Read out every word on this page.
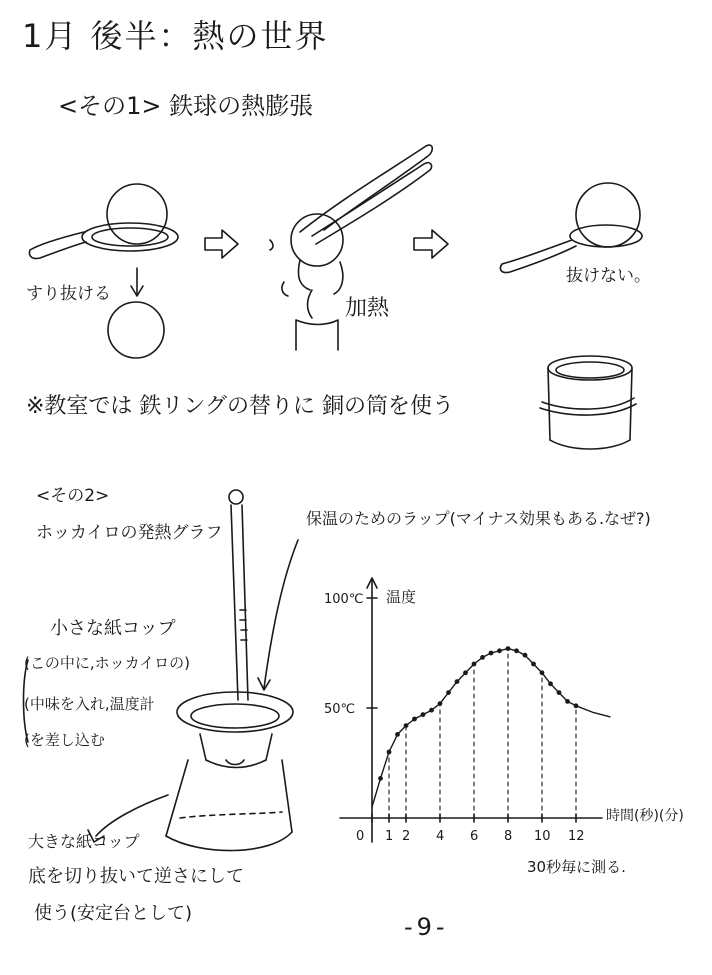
1月 後半：熱の世界
<その1> 鉄球の熱膨張
すり抜ける
加熱
抜けない。
※教室では 鉄リングの替りに 銅の筒を使う
<その2>
ホッカイロの発熱グラフ
保温のためのラップ(マイナス効果もある.なぜ?)
小さな紙コップ
(この中に,ホッカイロの)
(中味を入れ,温度計
(を差し込む
大きな紙コップ
底を切り抜いて逆さにして
使う(安定台として)
30秒毎に測る.
-9-
温度
時間(秒)(分)
50℃
100℃
0 1 2 4 6 8 10 12
